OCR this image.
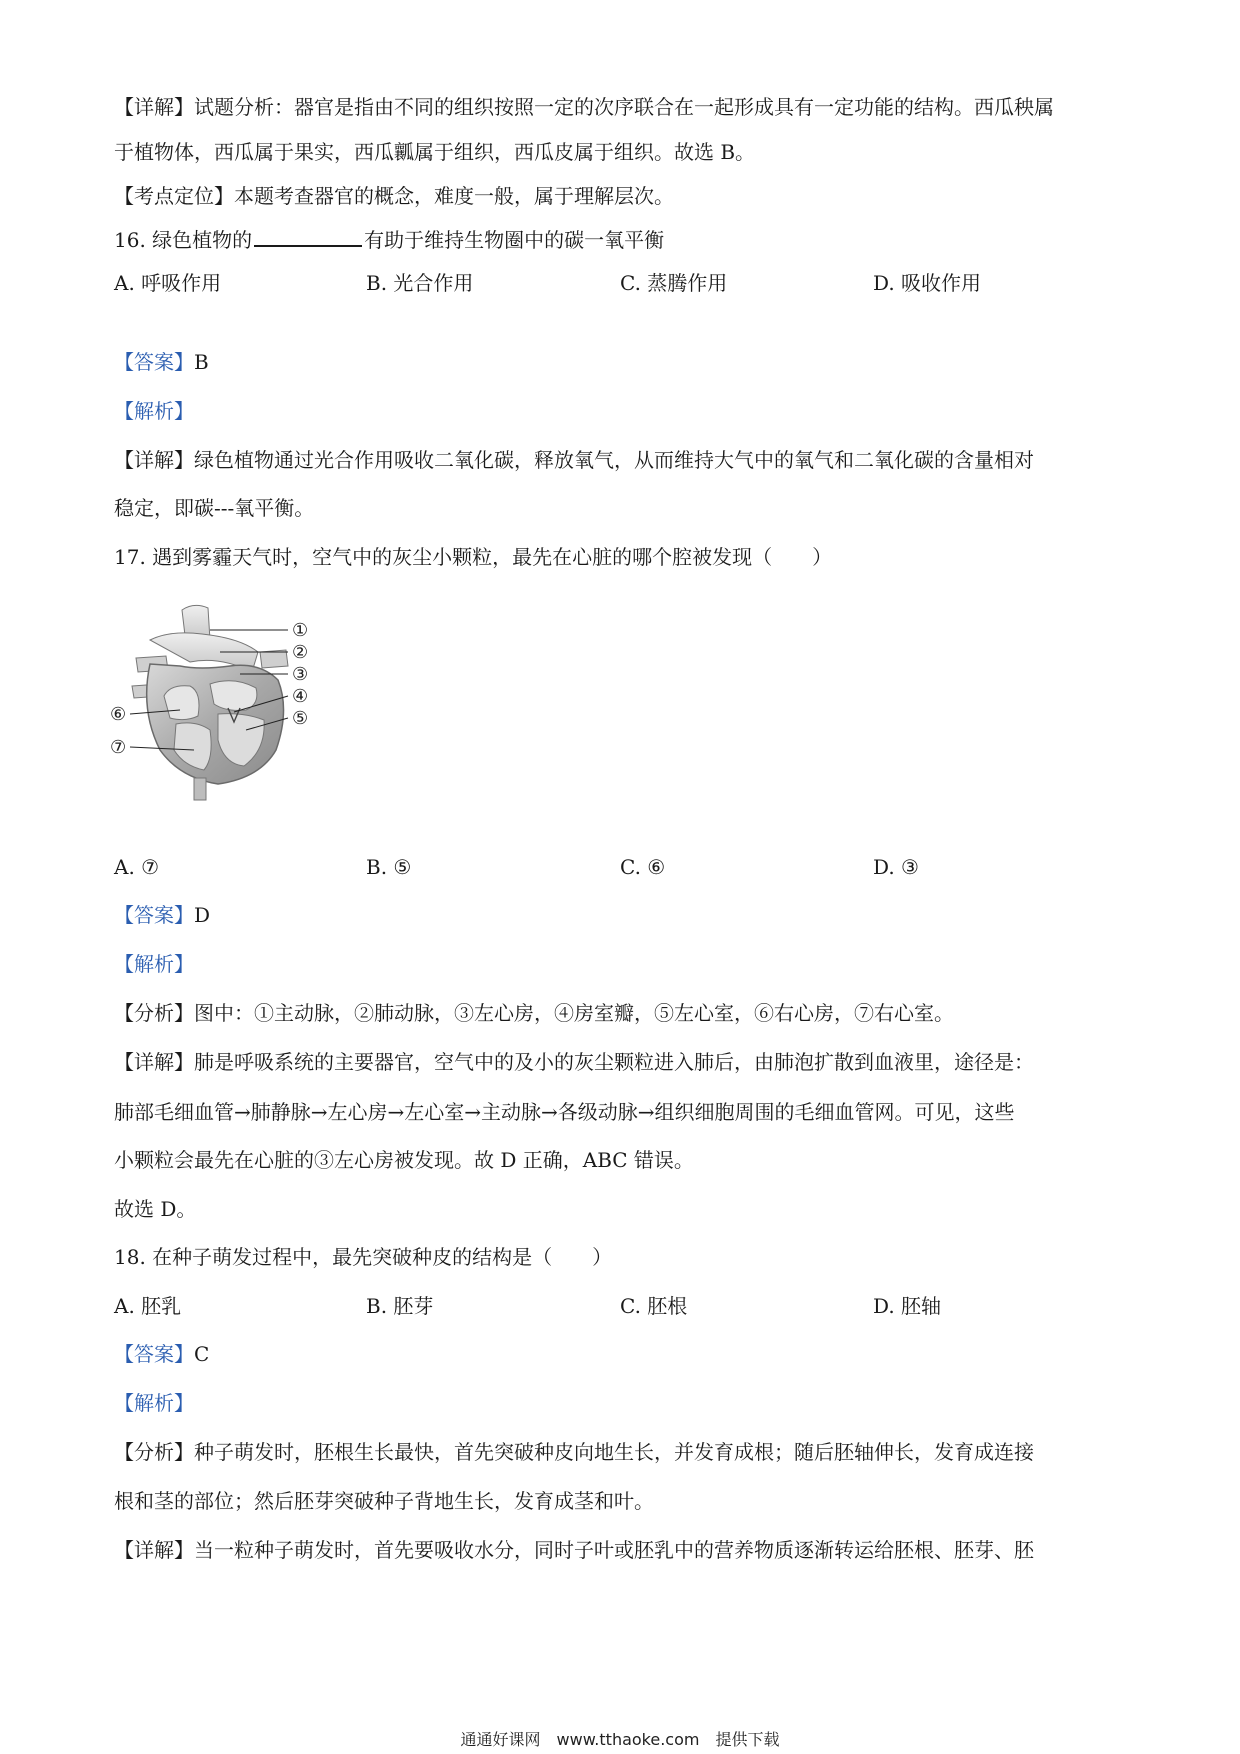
【详解】试题分析：器官是指由不同的组织按照一定的次序联合在一起形成具有一定功能的结构。西瓜秧属
于植物体，西瓜属于果实，西瓜瓤属于组织，西瓜皮属于组织。故选 B。
【考点定位】本题考查器官的概念，难度一般，属于理解层次。
16. 绿色植物的	有助于维持生物圈中的碳一氧平衡
A. 呼吸作用	B. 光合作用	C. 蒸腾作用	D. 吸收作用
【答案】B
【解析】
【详解】绿色植物通过光合作用吸收二氧化碳，释放氧气，从而维持大气中的氧气和二氧化碳的含量相对
稳定，即碳---氧平衡。
17. 遇到雾霾天气时，空气中的灰尘小颗粒，最先在心脏的哪个腔被发现（　　）
①
②
③
④
⑤
⑥
⑦
A. ⑦	B. ⑤	C. ⑥	D. ③
【答案】D
【解析】
【分析】图中：①主动脉，②肺动脉，③左心房，④房室瓣，⑤左心室，⑥右心房，⑦右心室。
【详解】肺是呼吸系统的主要器官，空气中的及小的灰尘颗粒进入肺后，由肺泡扩散到血液里，途径是：
肺部毛细血管→肺静脉→左心房→左心室→主动脉→各级动脉→组织细胞周围的毛细血管网。可见，这些
小颗粒会最先在心脏的③左心房被发现。故 D 正确，ABC 错误。
故选 D。
18. 在种子萌发过程中，最先突破种皮的结构是（　　）
A. 胚乳	B. 胚芽	C. 胚根	D. 胚轴
【答案】C
【解析】
【分析】种子萌发时，胚根生长最快，首先突破种皮向地生长，并发育成根；随后胚轴伸长，发育成连接
根和茎的部位；然后胚芽突破种子背地生长，发育成茎和叶。
【详解】当一粒种子萌发时，首先要吸收水分，同时子叶或胚乳中的营养物质逐渐转运给胚根、胚芽、胚
通通好课网　www.tthaoke.com　提供下载
